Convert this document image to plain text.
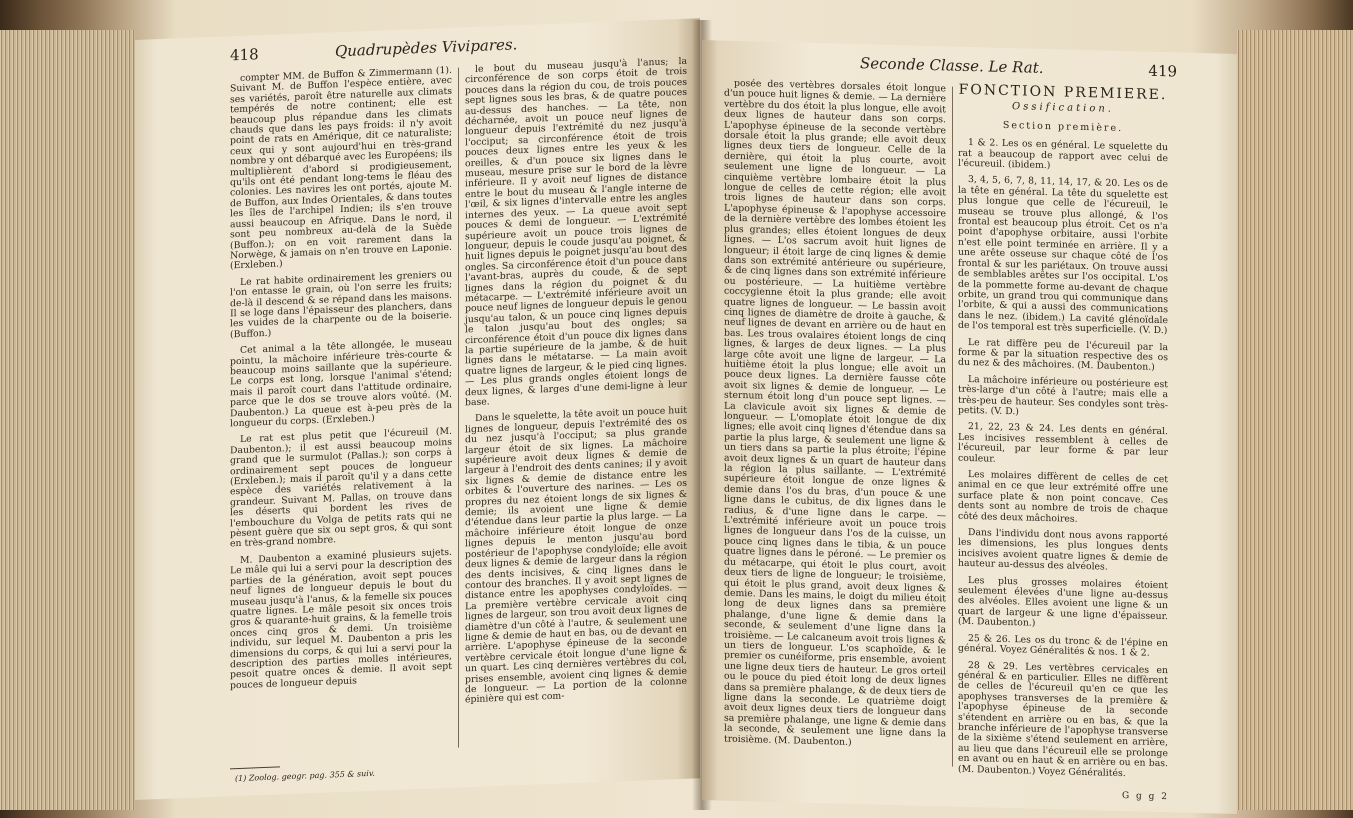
418	Quadrupèdes Vivipares.

compter MM. de Buffon & Zimmermann (1). Suivant M. de Buffon l'espèce entière, avec ses variétés, paroît être naturelle aux climats tempérés de notre continent; elle est beaucoup plus répandue dans les climats chauds que dans les pays froids: il n'y avoit point de rats en Amérique, dit ce naturaliste; ceux qui y sont aujourd'hui en très-grand nombre y ont débarqué avec les Européens; ils multiplièrent d'abord si prodigieusement, qu'ils ont été pendant long-tems le fléau des colonies. Les navires les ont portés, ajoute M. de Buffon, aux Indes Orientales, & dans toutes les îles de l'archipel Indien; ils s'en trouve aussi beaucoup en Afrique. Dans le nord, il sont peu nombreux au-delà de la Suède (Buffon.); on en voit rarement dans la Norwège, & jamais on n'en trouve en Laponie. (Erxleben.)

Le rat habite ordinairement les greniers ou l'on entasse le grain, où l'on serre les fruits; de-là il descend & se répand dans les maisons. Il se loge dans l'épaisseur des planchers, dans les vuides de la charpente ou de la boiserie. (Buffon.)

Cet animal a la tête allongée, le museau pointu, la mâchoire inférieure très-courte & beaucoup moins saillante que la supérieure. Le corps est long, lorsque l'animal s'étend; mais il paroît court dans l'attitude ordinaire, parce que le dos se trouve alors voûté. (M. Daubenton.) La queue est à-peu près de la longueur du corps. (Erxleben.)

Le rat est plus petit que l'écureuil (M. Daubenton.); il est aussi beaucoup moins grand que le surmulot (Pallas.); son corps à ordinairement sept pouces de longueur (Erxleben.); mais il paroît qu'il y a dans cette espèce des variétés relativement à la grandeur. Suivant M. Pallas, on trouve dans les déserts qui bordent les rives de l'embouchure du Volga de petits rats qui ne pèsent guère que six ou sept gros, & qui sont en très-grand nombre.

M. Daubenton a examiné plusieurs sujets. Le mâle qui lui a servi pour la description des parties de la génération, avoit sept pouces neuf lignes de longueur depuis le bout du museau jusqu'à l'anus, & la femelle six pouces quatre lignes. Le mâle pesoit six onces trois gros & quarante-huit grains, & la femelle trois onces cinq gros & demi. Un troisième individu, sur lequel M. Daubenton a pris les dimensions du corps, & qui lui a servi pour la description des parties molles intérieures, pesoit quatre onces & demie. Il avoit sept pouces de longueur depuis

le bout du museau jusqu'à l'anus; la circonférence de son corps étoit de trois pouces dans la région du cou, de trois pouces sept lignes sous les bras, & de quatre pouces au-dessus des hanches. — La tête, non décharnée, avoit un pouce neuf lignes de longueur depuis l'extrémité du nez jusqu'à l'occiput; sa circonférence étoit de trois pouces deux lignes entre les yeux & les oreilles, & d'un pouce six lignes dans le museau, mesure prise sur le bord de la lèvre inférieure. Il y avoit neuf lignes de distance entre le bout du museau & l'angle interne de l'œil, & six lignes d'intervalle entre les angles internes des yeux. — La queue avoit sept pouces & demi de longueur. — L'extrémité supérieure avoit un pouce trois lignes de longueur, depuis le coude jusqu'au poignet, & huit lignes depuis le poignet jusqu'au bout des ongles. Sa circonférence étoit d'un pouce dans l'avant-bras, auprès du coude, & de sept lignes dans la région du poignet & du métacarpe. — L'extrémité inférieure avoit un pouce neuf lignes de longueur depuis le genou jusqu'au talon, & un pouce cinq lignes depuis le talon jusqu'au bout des ongles; sa circonférence étoit d'un pouce dix lignes dans la partie supérieure de la jambe, & de huit lignes dans le métatarse. — La main avoit quatre lignes de largeur, & le pied cinq lignes. — Les plus grands ongles étoient longs de deux lignes, & larges d'une demi-ligne à leur base.

Dans le squelette, la tête avoit un pouce huit lignes de longueur, depuis l'extrémité des os du nez jusqu'à l'occiput; sa plus grande largeur étoit de six lignes. La mâchoire supérieure avoit deux lignes & demie de largeur à l'endroit des dents canines; il y avoit six lignes & demie de distance entre les orbites & l'ouverture des narines. — Les os propres du nez étoient longs de six lignes & demie; ils avoient une ligne & demie d'étendue dans leur partie la plus large. — La mâchoire inférieure étoit longue de onze lignes depuis le menton jusqu'au bord postérieur de l'apophyse condyloïde; elle avoit deux lignes & demie de largeur dans la région des dents incisives, & cinq lignes dans le contour des branches. Il y avoit sept lignes de distance entre les apophyses condyloïdes. — La première vertèbre cervicale avoit cinq lignes de largeur, son trou avoit deux lignes de diamètre d'un côté à l'autre, & seulement une ligne & demie de haut en bas, ou de devant en arrière. L'apophyse épineuse de la seconde vertèbre cervicale étoit longue d'une ligne & un quart. Les cinq dernières vertèbres du col, prises ensemble, avoient cinq lignes & demie de longueur. — La portion de la colonne épinière qui est com-

(1) Zoolog. geogr. pag. 355 & suiv.
Seconde Classe. Le Rat.	419

posée des vertèbres dorsales étoit longue d'un pouce huit lignes & demie. — La dernière vertèbre du dos étoit la plus longue, elle avoit deux lignes de hauteur dans son corps. L'apophyse épineuse de la seconde vertèbre dorsale étoit la plus grande; elle avoit deux lignes deux tiers de longueur. Celle de la dernière, qui étoit la plus courte, avoit seulement une ligne de longueur. — La cinquième vertèbre lombaire étoit la plus longue de celles de cette région; elle avoit trois lignes de hauteur dans son corps. L'apophyse épineuse & l'apophyse accessoire de la dernière vertèbre des lombes étoient les plus grandes; elles étoient longues de deux lignes. — L'os sacrum avoit huit lignes de longueur; il étoit large de cinq lignes & demie dans son extrémité antérieure ou supérieure, & de cinq lignes dans son extrémité inférieure ou postérieure. — La huitième vertèbre coccygienne étoit la plus grande; elle avoit quatre lignes de longueur. — Le bassin avoit cinq lignes de diamètre de droite à gauche, & neuf lignes de devant en arrière ou de haut en bas. Les trous ovalaires étoient longs de cinq lignes, & larges de deux lignes. — La plus large côte avoit une ligne de largeur. — La huitième étoit la plus longue; elle avoit un pouce deux lignes. La dernière fausse côte avoit six lignes & demie de longueur. — Le sternum étoit long d'un pouce sept lignes. — La clavicule avoit six lignes & demie de longueur. — L'omoplate étoit longue de dix lignes; elle avoit cinq lignes d'étendue dans sa partie la plus large, & seulement une ligne & un tiers dans sa partie la plus étroite; l'épine avoit deux lignes & un quart de hauteur dans la région la plus saillante. — L'extrémité supérieure étoit longue de onze lignes & demie dans l'os du bras, d'un pouce & une ligne dans le cubitus, de dix lignes dans le radius, & d'une ligne dans le carpe. — L'extrémité inférieure avoit un pouce trois lignes de longueur dans l'os de la cuisse, un pouce cinq lignes dans le tibia, & un pouce quatre lignes dans le péroné. — Le premier os du métacarpe, qui étoit le plus court, avoit deux tiers de ligne de longueur; le troisième, qui étoit le plus grand, avoit deux lignes & demie. Dans les mains, le doigt du milieu étoit long de deux lignes dans sa première phalange, d'une ligne & demie dans la seconde, & seulement d'une ligne dans la troisième. — Le calcaneum avoit trois lignes & un tiers de longueur. L'os scaphoïde, & le premier os cunéiforme, pris ensemble, avoient une ligne deux tiers de hauteur. Le gros orteil ou le pouce du pied étoit long de deux lignes dans sa première phalange, & de deux tiers de ligne dans la seconde. Le quatrième doigt avoit deux lignes deux tiers de longueur dans sa première phalange, une ligne & demie dans la seconde, & seulement une ligne dans la troisième. (M. Daubenton.)

FONCTION PREMIERE.
Ossification.
Section première.

1 & 2. Les os en général. Le squelette du rat a beaucoup de rapport avec celui de l'écureuil. (ibidem.)

3, 4, 5, 6, 7, 8, 11, 14, 17, & 20. Les os de la tête en général. La tête du squelette est plus longue que celle de l'écureuil, le museau se trouve plus allongé, & l'os frontal est beaucoup plus étroit. Cet os n'a point d'apophyse orbitaire, aussi l'orbite n'est elle point terminée en arrière. Il y a une arête osseuse sur chaque côté de l'os frontal & sur les pariétaux. On trouve aussi de semblables arêtes sur l'os occipital. L'os de la pommette forme au-devant de chaque orbite, un grand trou qui communique dans l'orbite, & qui a aussi des communications dans le nez. (ibidem.) La cavité glénoïdale de l'os temporal est très superficielle. (V. D.)

Le rat diffère peu de l'écureuil par la forme & par la situation respective des os du nez & des mâchoires. (M. Daubenton.)

La mâchoire inférieure ou postérieure est très-large d'un côté à l'autre; mais elle a très-peu de hauteur. Ses condyles sont très-petits. (V. D.)

21, 22, 23 & 24. Les dents en général. Les incisives ressemblent à celles de l'écureuil, par leur forme & par leur couleur.

Les molaires diffèrent de celles de cet animal en ce que leur extrémité offre une surface plate & non point concave. Ces dents sont au nombre de trois de chaque côté des deux mâchoires.

Dans l'individu dont nous avons rapporté les dimensions, les plus longues dents incisives avoient quatre lignes & demie de hauteur au-dessus des alvéoles.

Les plus grosses molaires étoient seulement élevées d'une ligne au-dessus des alvéoles. Elles avoient une ligne & un quart de largeur & une ligne d'épaisseur. (M. Daubenton.)

25 & 26. Les os du tronc & de l'épine en général. Voyez Généralités & nos. 1 & 2.

28 & 29. Les vertèbres cervicales en général & en particulier. Elles ne diffèrent de celles de l'écureuil qu'en ce que les apophyses transverses de la première & l'apophyse épineuse de la seconde s'étendent en arrière ou en bas, & que la branche inférieure de l'apophyse transverse de la sixième s'étend seulement en arrière, au lieu que dans l'écureuil elle se prolonge en avant ou en haut & en arrière ou en bas. (M. Daubenton.) Voyez Généralités.

G g g 2
